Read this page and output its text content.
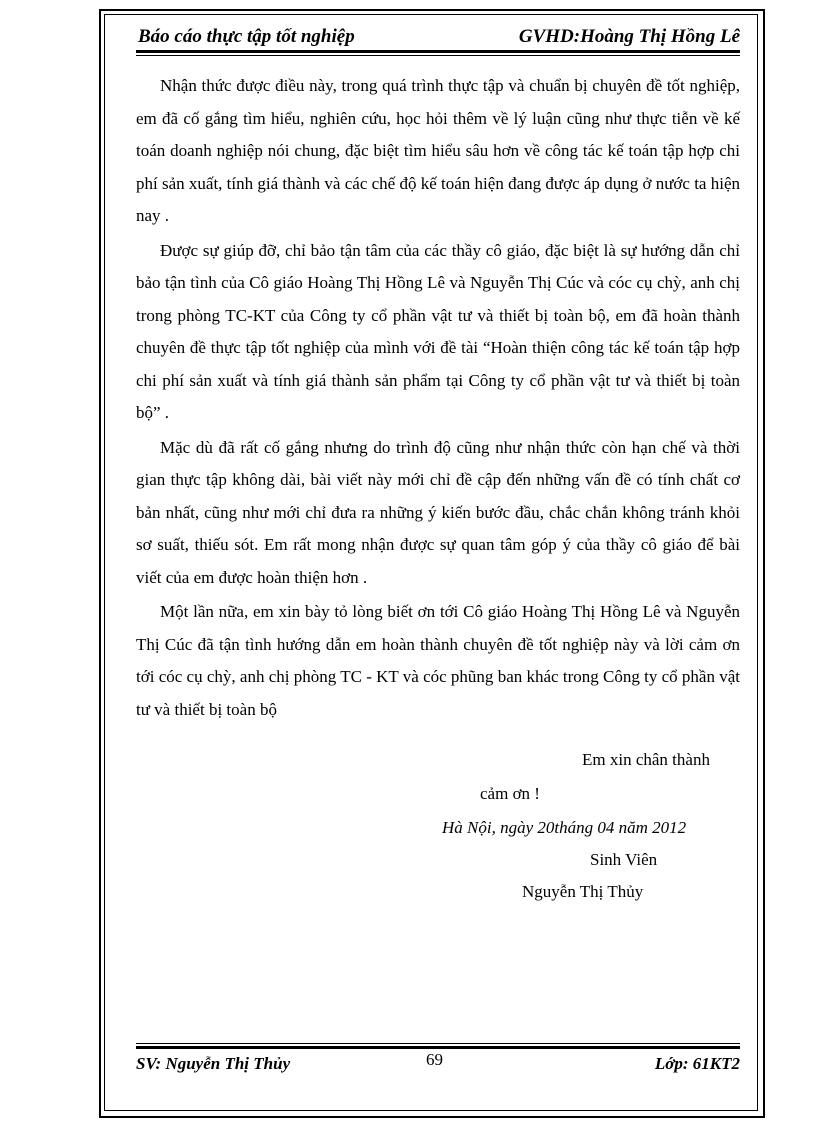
Báo cáo thực tập tốt nghiệp	GVHD:Hoàng Thị Hồng Lê

Nhận thức được điều này, trong quá trình thực tập và chuẩn bị chuyên đề tốt nghiệp, em đã cố gắng tìm hiểu, nghiên cứu, học hỏi thêm về lý luận cũng như thực tiễn về kế toán doanh nghiệp nói chung, đặc biệt tìm hiểu sâu hơn về công tác kế toán tập hợp chi phí sản xuất, tính giá thành và các chế độ kế toán hiện đang được áp dụng ở nước ta hiện nay .

Được sự giúp đỡ, chỉ bảo tận tâm của các thầy cô giáo, đặc biệt là sự hướng dẫn chỉ bảo tận tình của Cô giáo Hoàng Thị Hồng Lê và Nguyễn Thị Cúc và cóc cụ chỳ, anh chị trong phòng TC-KT của Công ty cổ phần vật tư và thiết bị toàn bộ, em đã hoàn thành chuyên đề thực tập tốt nghiệp của mình với đề tài “Hoàn thiện công tác kế toán tập hợp chi phí sản xuất và tính giá thành sản phẩm tại Công ty cổ phần vật tư và thiết bị toàn bộ” .

Mặc dù đã rất cố gắng nhưng do trình độ cũng như nhận thức còn hạn chế và thời gian thực tập không dài, bài viết này mới chỉ đề cập đến những vấn đề có tính chất cơ bản nhất, cũng như mới chỉ đưa ra những ý kiến bước đầu, chắc chắn không tránh khỏi sơ suất, thiếu sót. Em rất mong nhận được sự quan tâm góp ý của thầy cô giáo để bài viết của em được hoàn thiện hơn .

Một lần nữa, em xin bày tỏ lòng biết ơn tới Cô giáo Hoàng Thị Hồng Lê và Nguyễn Thị Cúc đã tận tình hướng dẫn em hoàn thành chuyên đề tốt nghiệp này và lời cảm ơn tới cóc cụ chỳ, anh chị phòng TC - KT và cóc phũng ban khác trong Công ty cổ phần vật tư và thiết bị toàn bộ

Em xin chân thành
cảm ơn !
Hà Nội, ngày 20tháng 04 năm 2012
Sinh Viên
Nguyễn Thị Thủy
SV: Nguyễn Thị Thủy	69	Lớp: 61KT2
